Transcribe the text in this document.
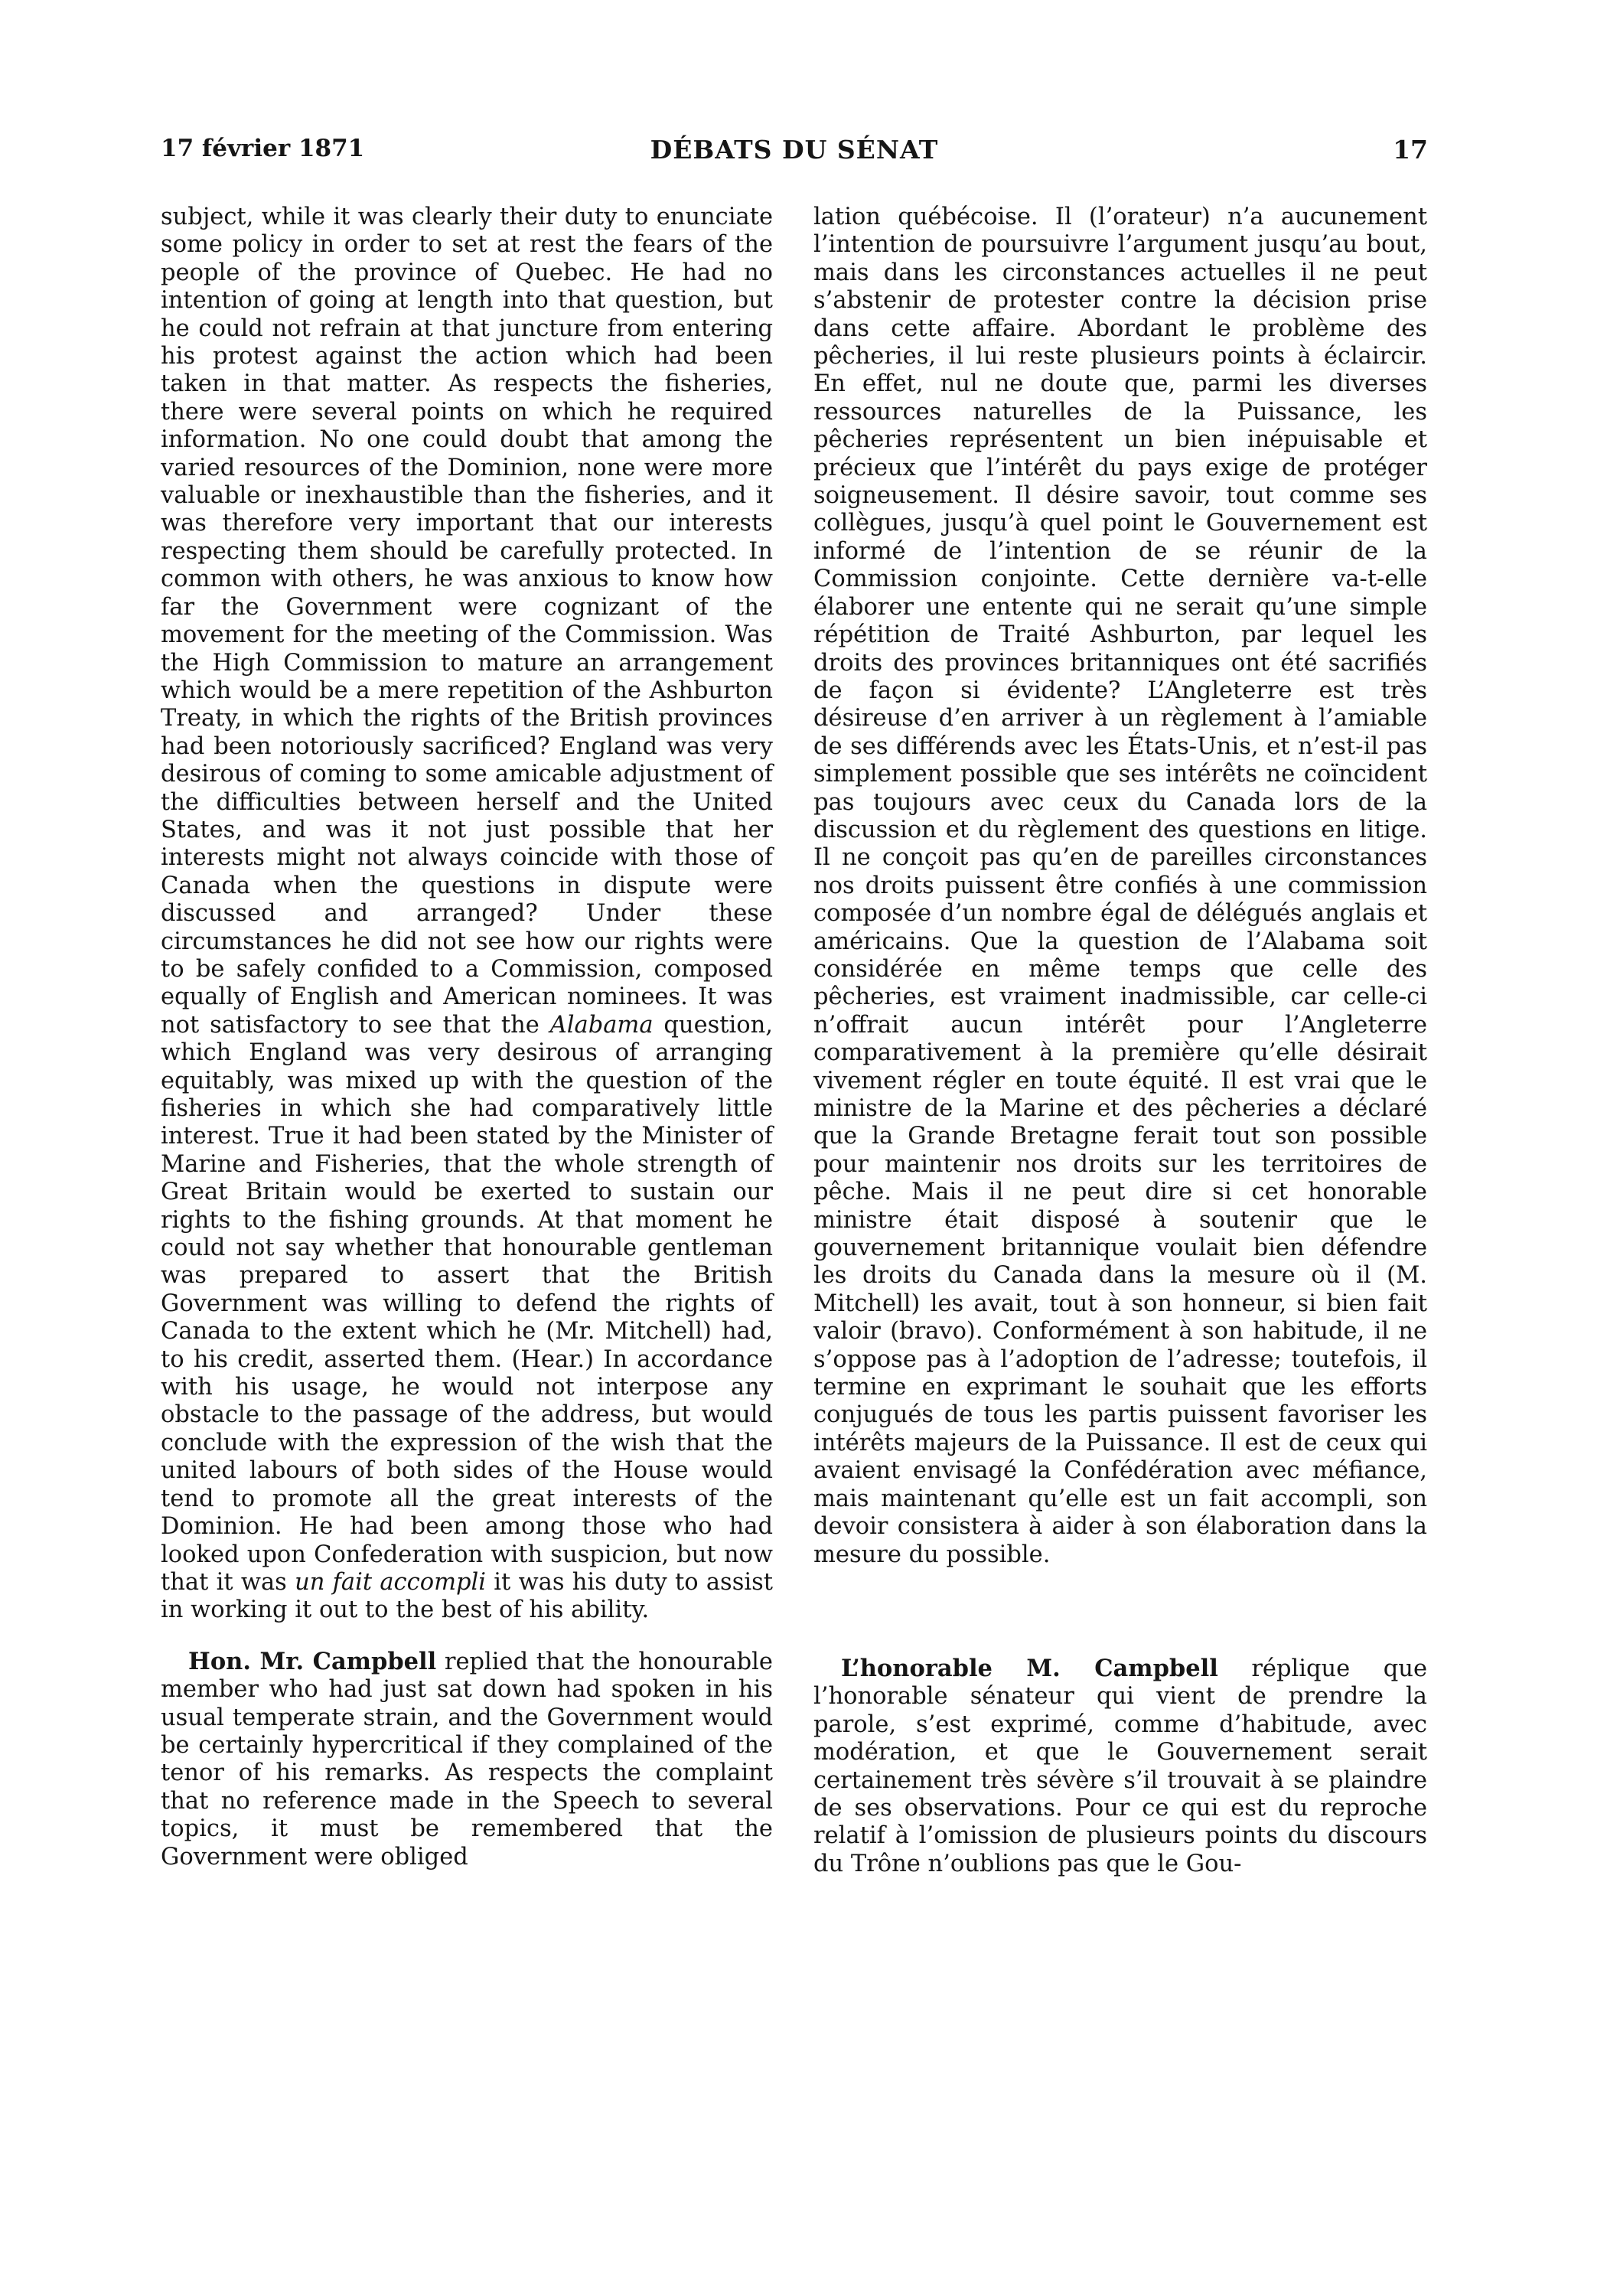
17 février 1871	DÉBATS DU SÉNAT	17

subject, while it was clearly their duty to enunciate some policy in order to set at rest the fears of the people of the province of Quebec. He had no intention of going at length into that question, but he could not refrain at that juncture from entering his protest against the action which had been taken in that matter. As respects the fisheries, there were several points on which he required information. No one could doubt that among the varied resources of the Dominion, none were more valuable or inexhaustible than the fisheries, and it was therefore very important that our interests respecting them should be carefully protected. In common with others, he was anxious to know how far the Government were cognizant of the movement for the meeting of the Commission. Was the High Commission to mature an arrangement which would be a mere repetition of the Ashburton Treaty, in which the rights of the British provinces had been notoriously sacrificed? England was very desirous of coming to some amicable adjustment of the difficulties between herself and the United States, and was it not just possible that her interests might not always coincide with those of Canada when the questions in dispute were discussed and arranged? Under these circumstances he did not see how our rights were to be safely confided to a Commission, composed equally of English and American nominees. It was not satisfactory to see that the Alabama question, which England was very desirous of arranging equitably, was mixed up with the question of the fisheries in which she had comparatively little interest. True it had been stated by the Minister of Marine and Fisheries, that the whole strength of Great Britain would be exerted to sustain our rights to the fishing grounds. At that moment he could not say whether that honourable gentleman was prepared to assert that the British Government was willing to defend the rights of Canada to the extent which he (Mr. Mitchell) had, to his credit, asserted them. (Hear.) In accordance with his usage, he would not interpose any obstacle to the passage of the address, but would conclude with the expression of the wish that the united labours of both sides of the House would tend to promote all the great interests of the Dominion. He had been among those who had looked upon Confederation with suspicion, but now that it was un fait accompli it was his duty to assist in working it out to the best of his ability.

Hon. Mr. Campbell replied that the honourable member who had just sat down had spoken in his usual temperate strain, and the Government would be certainly hypercritical if they complained of the tenor of his remarks. As respects the complaint that no reference made in the Speech to several topics, it must be remembered that the Government were obliged

lation québécoise. Il (l’orateur) n’a aucunement l’intention de poursuivre l’argument jusqu’au bout, mais dans les circonstances actuelles il ne peut s’abstenir de protester contre la décision prise dans cette affaire. Abordant le problème des pêcheries, il lui reste plusieurs points à éclaircir. En effet, nul ne doute que, parmi les diverses ressources naturelles de la Puissance, les pêcheries représentent un bien inépuisable et précieux que l’intérêt du pays exige de protéger soigneusement. Il désire savoir, tout comme ses collègues, jusqu’à quel point le Gouvernement est informé de l’intention de se réunir de la Commission conjointe. Cette dernière va-t-elle élaborer une entente qui ne serait qu’une simple répétition de Traité Ashburton, par lequel les droits des provinces britanniques ont été sacrifiés de façon si évidente? L’Angleterre est très désireuse d’en arriver à un règlement à l’amiable de ses différends avec les États-Unis, et n’est-il pas simplement possible que ses intérêts ne coïncident pas toujours avec ceux du Canada lors de la discussion et du règlement des questions en litige. Il ne conçoit pas qu’en de pareilles circonstances nos droits puissent être confiés à une commission composée d’un nombre égal de délégués anglais et américains. Que la question de l’Alabama soit considérée en même temps que celle des pêcheries, est vraiment inadmissible, car celle-ci n’offrait aucun intérêt pour l’Angleterre comparativement à la première qu’elle désirait vivement régler en toute équité. Il est vrai que le ministre de la Marine et des pêcheries a déclaré que la Grande Bretagne ferait tout son possible pour maintenir nos droits sur les territoires de pêche. Mais il ne peut dire si cet honorable ministre était disposé à soutenir que le gouvernement britannique voulait bien défendre les droits du Canada dans la mesure où il (M. Mitchell) les avait, tout à son honneur, si bien fait valoir (bravo). Conformément à son habitude, il ne s’oppose pas à l’adoption de l’adresse; toutefois, il termine en exprimant le souhait que les efforts conjugués de tous les partis puissent favoriser les intérêts majeurs de la Puissance. Il est de ceux qui avaient envisagé la Confédération avec méfiance, mais maintenant qu’elle est un fait accompli, son devoir consistera à aider à son élaboration dans la mesure du possible.

L’honorable M. Campbell réplique que l’honorable sénateur qui vient de prendre la parole, s’est exprimé, comme d’habitude, avec modération, et que le Gouvernement serait certainement très sévère s’il trouvait à se plaindre de ses observations. Pour ce qui est du reproche relatif à l’omission de plusieurs points du discours du Trône n’oublions pas que le Gou-
